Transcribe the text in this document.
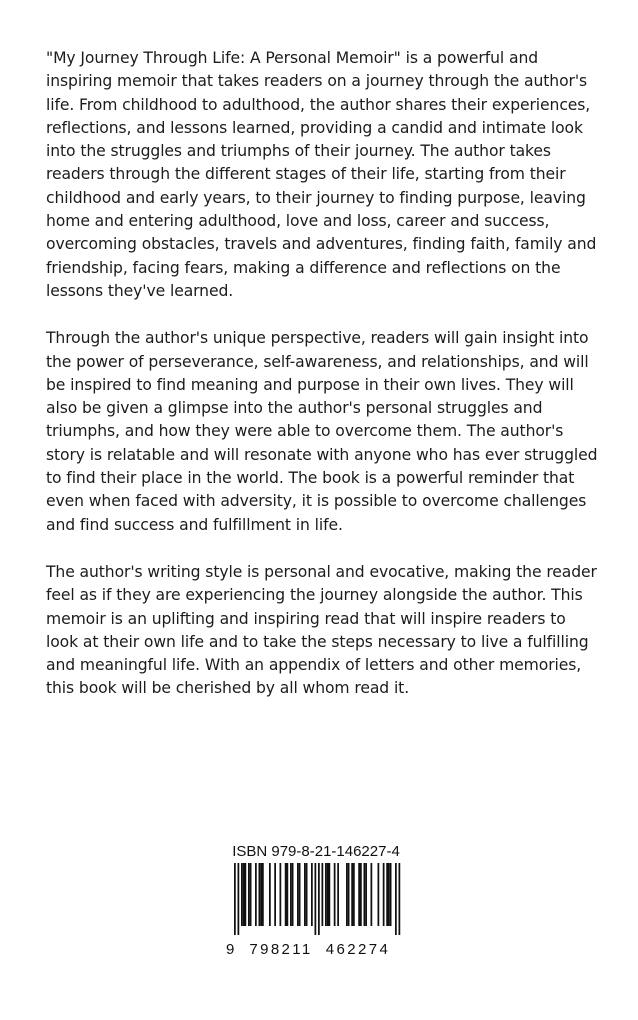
"My Journey Through Life: A Personal Memoir" is a powerful and inspiring memoir that takes readers on a journey through the author's life. From childhood to adulthood, the author shares their experiences, reflections, and lessons learned, providing a candid and intimate look into the struggles and triumphs of their journey. The author takes readers through the different stages of their life, starting from their childhood and early years, to their journey to finding purpose, leaving home and entering adulthood, love and loss, career and success, overcoming obstacles, travels and adventures, finding faith, family and friendship, facing fears, making a difference and reflections on the lessons they've learned.

Through the author's unique perspective, readers will gain insight into the power of perseverance, self-awareness, and relationships, and will be inspired to find meaning and purpose in their own lives. They will also be given a glimpse into the author's personal struggles and triumphs, and how they were able to overcome them. The author's story is relatable and will resonate with anyone who has ever struggled to find their place in the world. The book is a powerful reminder that even when faced with adversity, it is possible to overcome challenges and find success and fulfillment in life.

The author's writing style is personal and evocative, making the reader feel as if they are experiencing the journey alongside the author. This memoir is an uplifting and inspiring read that will inspire readers to look at their own life and to take the steps necessary to live a fulfilling and meaningful life. With an appendix of letters and other memories, this book will be cherished by all whom read it.

ISBN 979-8-21-146227-4
9 798211 462274
